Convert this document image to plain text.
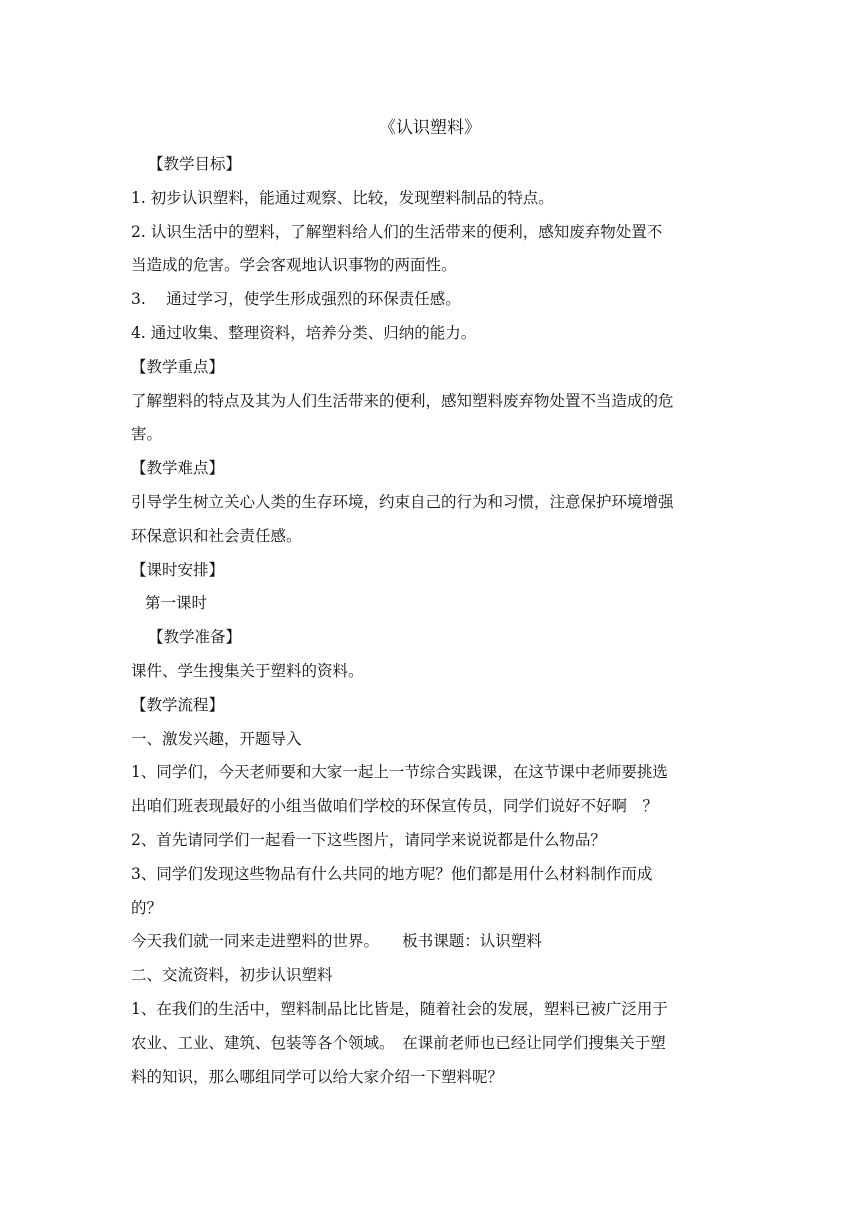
《认识塑料》
【教学目标】
1. 初步认识塑料，能通过观察、比较，发现塑料制品的特点。
2. 认识生活中的塑料，了解塑料给人们的生活带来的便利，感知废弃物处置不
当造成的危害。学会客观地认识事物的两面性。
3.　 通过学习，使学生形成强烈的环保责任感。
4. 通过收集、整理资料，培养分类、归纳的能力。
【教学重点】
了解塑料的特点及其为人们生活带来的便利，感知塑料废弃物处置不当造成的危
害。
【教学难点】
引导学生树立关心人类的生存环境，约束自己的行为和习惯，注意保护环境增强
环保意识和社会责任感。
【课时安排】
第一课时
【教学准备】
课件、学生搜集关于塑料的资料。
【教学流程】
一、激发兴趣，开题导入
1、同学们，今天老师要和大家一起上一节综合实践课，在这节课中老师要挑选
出咱们班表现最好的小组当做咱们学校的环保宣传员，同学们说好不好啊　？
2、首先请同学们一起看一下这些图片，请同学来说说都是什么物品？
3、同学们发现这些物品有什么共同的地方呢？他们都是用什么材料制作而成
的？
今天我们就一同来走进塑料的世界。　　板书课题：认识塑料
二、交流资料，初步认识塑料
1、在我们的生活中，塑料制品比比皆是，随着社会的发展，塑料已被广泛用于
农业、工业、建筑、包装等各个领域。　在课前老师也已经让同学们搜集关于塑
料的知识，那么哪组同学可以给大家介绍一下塑料呢？
